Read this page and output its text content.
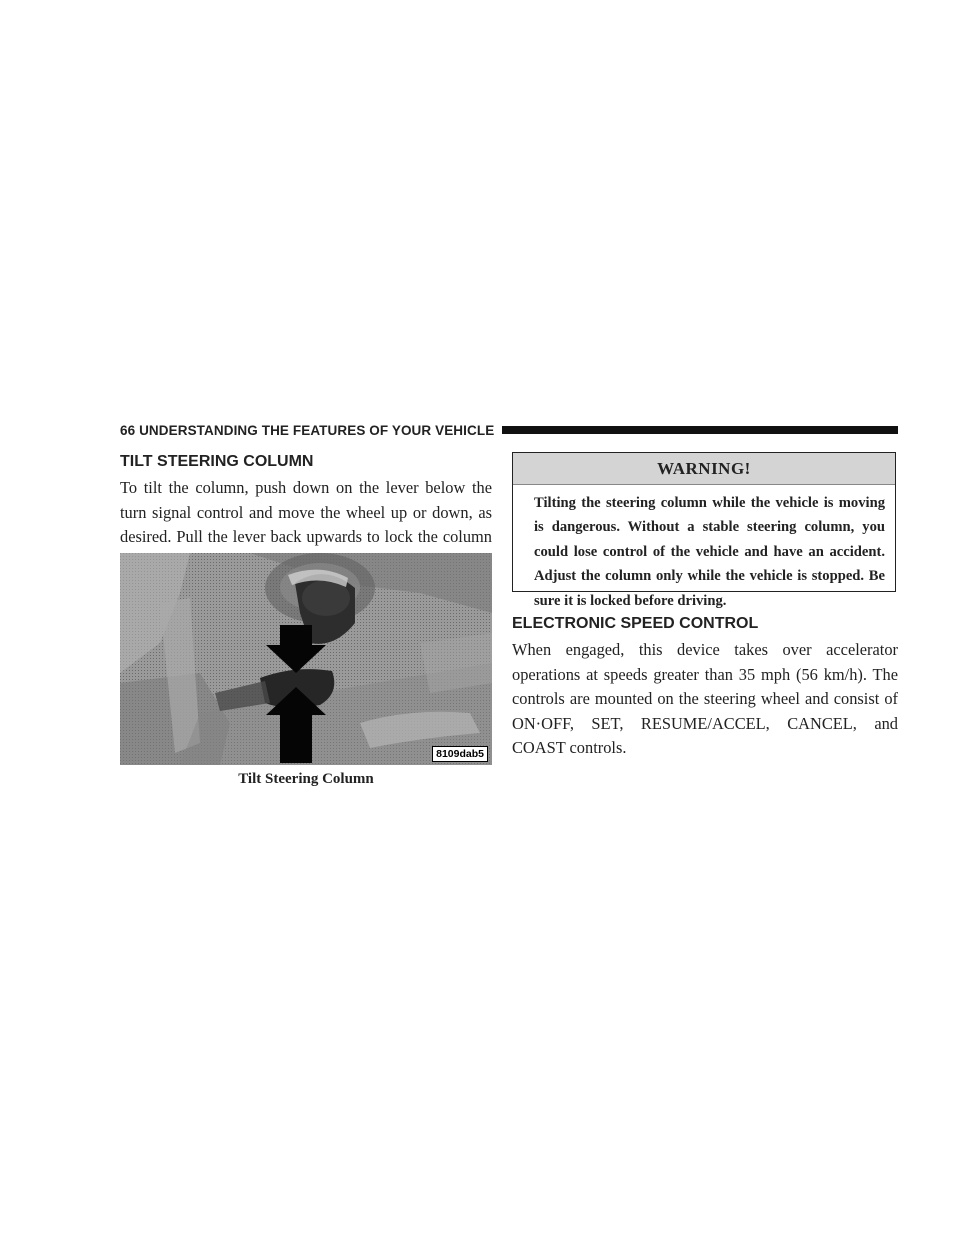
66 UNDERSTANDING THE FEATURES OF YOUR VEHICLE
TILT STEERING COLUMN

To tilt the column, push down on the lever below the turn signal control and move the wheel up or down, as desired. Pull the lever back upwards to lock the column

8109dab5
Tilt Steering Column
WARNING!
Tilting the steering column while the vehicle is moving is dangerous. Without a stable steering column, you could lose control of the vehicle and have an accident. Adjust the column only while the vehicle is stopped. Be sure it is locked before driving.
ELECTRONIC SPEED CONTROL

When engaged, this device takes over accelerator operations at speeds greater than 35 mph (56 km/h). The controls are mounted on the steering wheel and consist of ON·OFF, SET, RESUME/ACCEL, CANCEL, and COAST controls.
